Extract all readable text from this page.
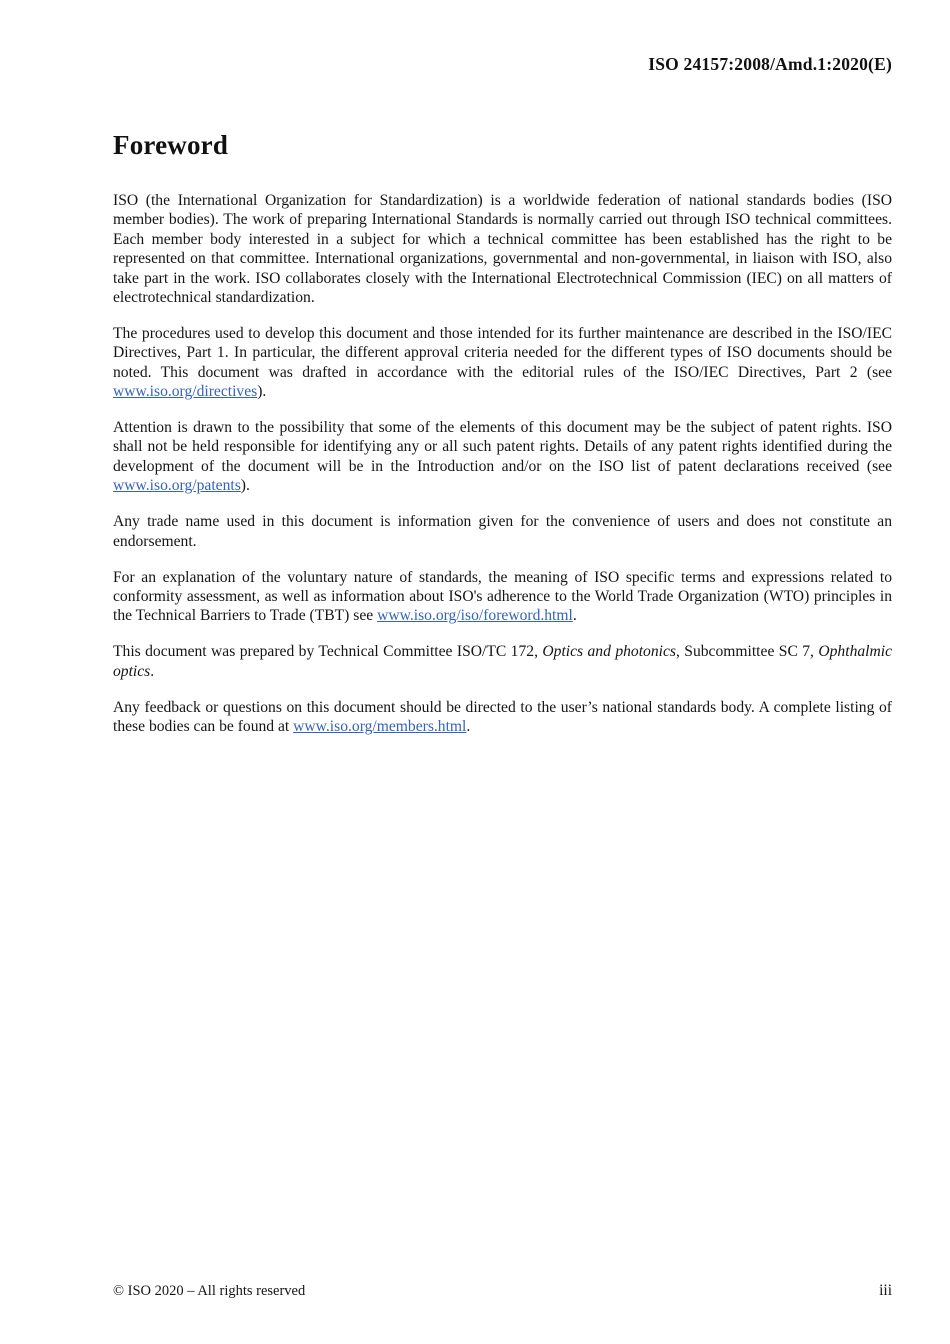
ISO 24157:2008/Amd.1:2020(E)
Foreword

ISO (the International Organization for Standardization) is a worldwide federation of national standards bodies (ISO member bodies). The work of preparing International Standards is normally carried out through ISO technical committees. Each member body interested in a subject for which a technical committee has been established has the right to be represented on that committee. International organizations, governmental and non-governmental, in liaison with ISO, also take part in the work. ISO collaborates closely with the International Electrotechnical Commission (IEC) on all matters of electrotechnical standardization.

The procedures used to develop this document and those intended for its further maintenance are described in the ISO/IEC Directives, Part 1. In particular, the different approval criteria needed for the different types of ISO documents should be noted. This document was drafted in accordance with the editorial rules of the ISO/IEC Directives, Part 2 (see www.iso.org/directives).

Attention is drawn to the possibility that some of the elements of this document may be the subject of patent rights. ISO shall not be held responsible for identifying any or all such patent rights. Details of any patent rights identified during the development of the document will be in the Introduction and/or on the ISO list of patent declarations received (see www.iso.org/patents).

Any trade name used in this document is information given for the convenience of users and does not constitute an endorsement.

For an explanation of the voluntary nature of standards, the meaning of ISO specific terms and expressions related to conformity assessment, as well as information about ISO's adherence to the World Trade Organization (WTO) principles in the Technical Barriers to Trade (TBT) see www.iso.org/iso/foreword.html.

This document was prepared by Technical Committee ISO/TC 172, Optics and photonics, Subcommittee SC 7, Ophthalmic optics.

Any feedback or questions on this document should be directed to the user’s national standards body. A complete listing of these bodies can be found at www.iso.org/members.html.

© ISO 2020 – All rights reserved	iii
